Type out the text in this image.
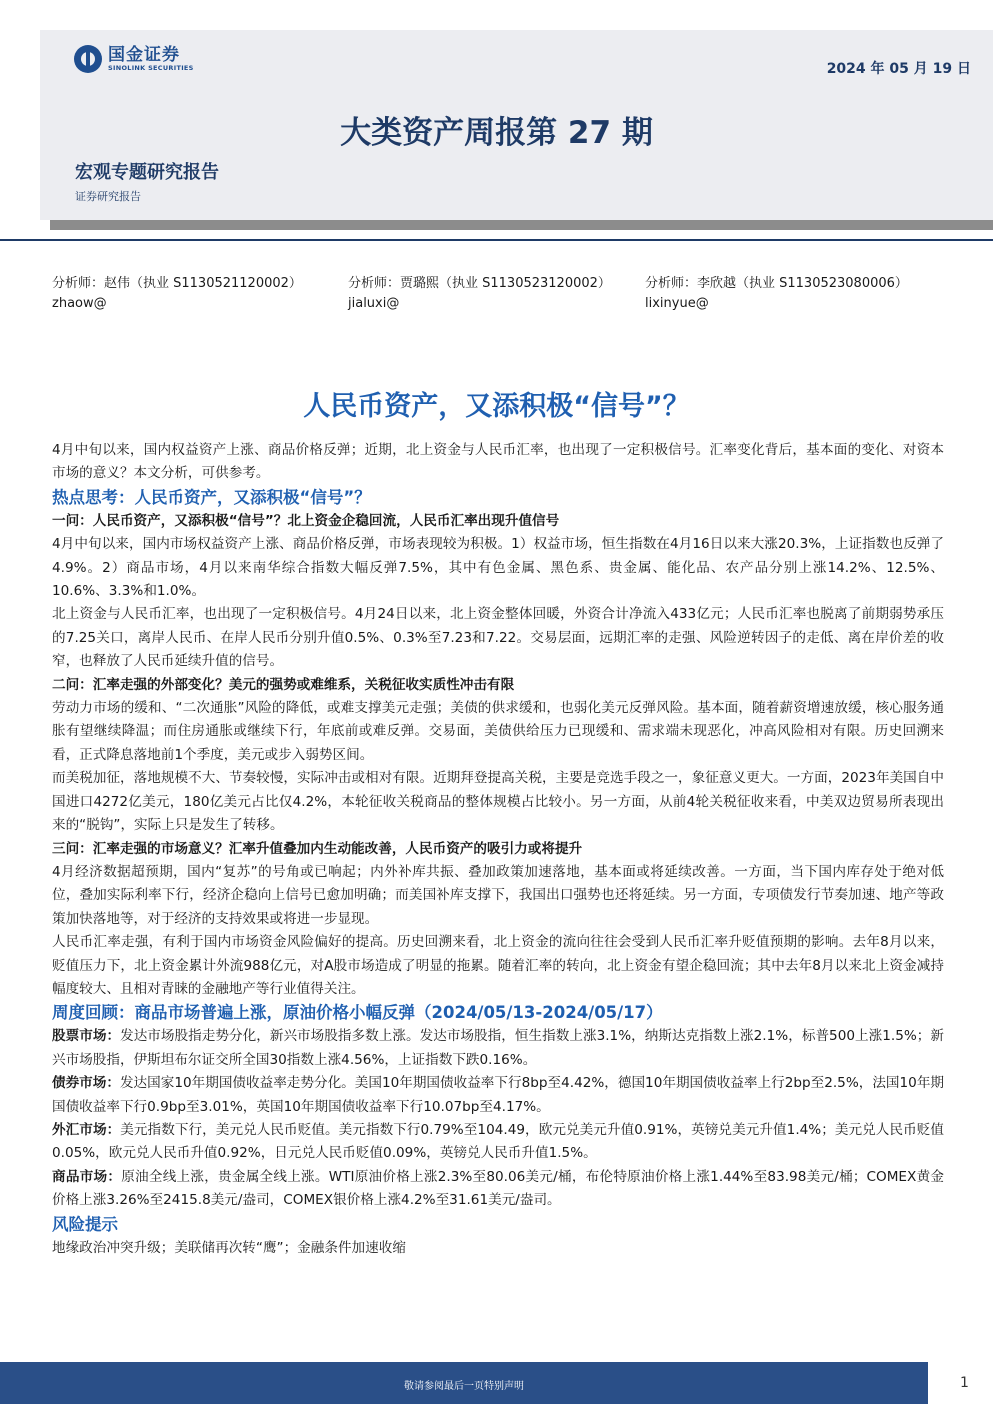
国金证券
SINOLINK SECURITIES	2024 年 05 月 19 日
大类资产周报第 27 期
宏观专题研究报告
证券研究报告
分析师：赵伟（执业 S1130521120002）
zhaow@
分析师：贾璐熙（执业 S1130523120002）
jialuxi@
分析师：李欣越（执业 S1130523080006）
lixinyue@
人民币资产，又添积极“信号”？

4月中旬以来，国内权益资产上涨、商品价格反弹；近期，北上资金与人民币汇率，也出现了一定积极信号。汇率变化背后，基本面的变化、对资本市场的意义？本文分析，可供参考。

热点思考：人民币资产，又添积极“信号”？

一问：人民币资产，又添积极“信号”？北上资金企稳回流，人民币汇率出现升值信号

4月中旬以来，国内市场权益资产上涨、商品价格反弹，市场表现较为积极。1）权益市场，恒生指数在4月16日以来大涨20.3%，上证指数也反弹了4.9%。2）商品市场，4月以来南华综合指数大幅反弹7.5%，其中有色金属、黑色系、贵金属、能化品、农产品分别上涨14.2%、12.5%、10.6%、3.3%和1.0%。

北上资金与人民币汇率，也出现了一定积极信号。4月24日以来，北上资金整体回暖，外资合计净流入433亿元；人民币汇率也脱离了前期弱势承压的7.25关口，离岸人民币、在岸人民币分别升值0.5%、0.3%至7.23和7.22。交易层面，远期汇率的走强、风险逆转因子的走低、离在岸价差的收窄，也释放了人民币延续升值的信号。

二问：汇率走强的外部变化？美元的强势或难维系，关税征收实质性冲击有限

劳动力市场的缓和、“二次通胀”风险的降低，或难支撑美元走强；美债的供求缓和，也弱化美元反弹风险。基本面，随着薪资增速放缓，核心服务通胀有望继续降温；而住房通胀或继续下行，年底前或难反弹。交易面，美债供给压力已现缓和、需求端未现恶化，冲高风险相对有限。历史回溯来看，正式降息落地前1个季度，美元或步入弱势区间。

而美税加征，落地规模不大、节奏较慢，实际冲击或相对有限。近期拜登提高关税，主要是竞选手段之一，象征意义更大。一方面，2023年美国自中国进口4272亿美元，180亿美元占比仅4.2%，本轮征收关税商品的整体规模占比较小。另一方面，从前4轮关税征收来看，中美双边贸易所表现出来的“脱钩”，实际上只是发生了转移。

三问：汇率走强的市场意义？汇率升值叠加内生动能改善，人民币资产的吸引力或将提升

4月经济数据超预期，国内“复苏”的号角或已响起；内外补库共振、叠加政策加速落地，基本面或将延续改善。一方面，当下国内库存处于绝对低位，叠加实际利率下行，经济企稳向上信号已愈加明确；而美国补库支撑下，我国出口强势也还将延续。另一方面，专项债发行节奏加速、地产等政策加快落地等，对于经济的支持效果或将进一步显现。

人民币汇率走强，有利于国内市场资金风险偏好的提高。历史回溯来看，北上资金的流向往往会受到人民币汇率升贬值预期的影响。去年8月以来，贬值压力下，北上资金累计外流988亿元，对A股市场造成了明显的拖累。随着汇率的转向，北上资金有望企稳回流；其中去年8月以来北上资金减持幅度较大、且相对青睐的金融地产等行业值得关注。

周度回顾：商品市场普遍上涨，原油价格小幅反弹（2024/05/13-2024/05/17）

股票市场：发达市场股指走势分化，新兴市场股指多数上涨。发达市场股指，恒生指数上涨3.1%，纳斯达克指数上涨2.1%，标普500上涨1.5%；新兴市场股指，伊斯坦布尔证交所全国30指数上涨4.56%，上证指数下跌0.16%。

债券市场：发达国家10年期国债收益率走势分化。美国10年期国债收益率下行8bp至4.42%，德国10年期国债收益率上行2bp至2.5%，法国10年期国债收益率下行0.9bp至3.01%，英国10年期国债收益率下行10.07bp至4.17%。

外汇市场：美元指数下行，美元兑人民币贬值。美元指数下行0.79%至104.49，欧元兑美元升值0.91%，英镑兑美元升值1.4%；美元兑人民币贬值0.05%，欧元兑人民币升值0.92%，日元兑人民币贬值0.09%，英镑兑人民币升值1.5%。

商品市场：原油全线上涨，贵金属全线上涨。WTI原油价格上涨2.3%至80.06美元/桶，布伦特原油价格上涨1.44%至83.98美元/桶；COMEX黄金价格上涨3.26%至2415.8美元/盎司，COMEX银价格上涨4.2%至31.61美元/盎司。

风险提示

地缘政治冲突升级；美联储再次转“鹰”；金融条件加速收缩

敬请参阅最后一页特别声明	1
